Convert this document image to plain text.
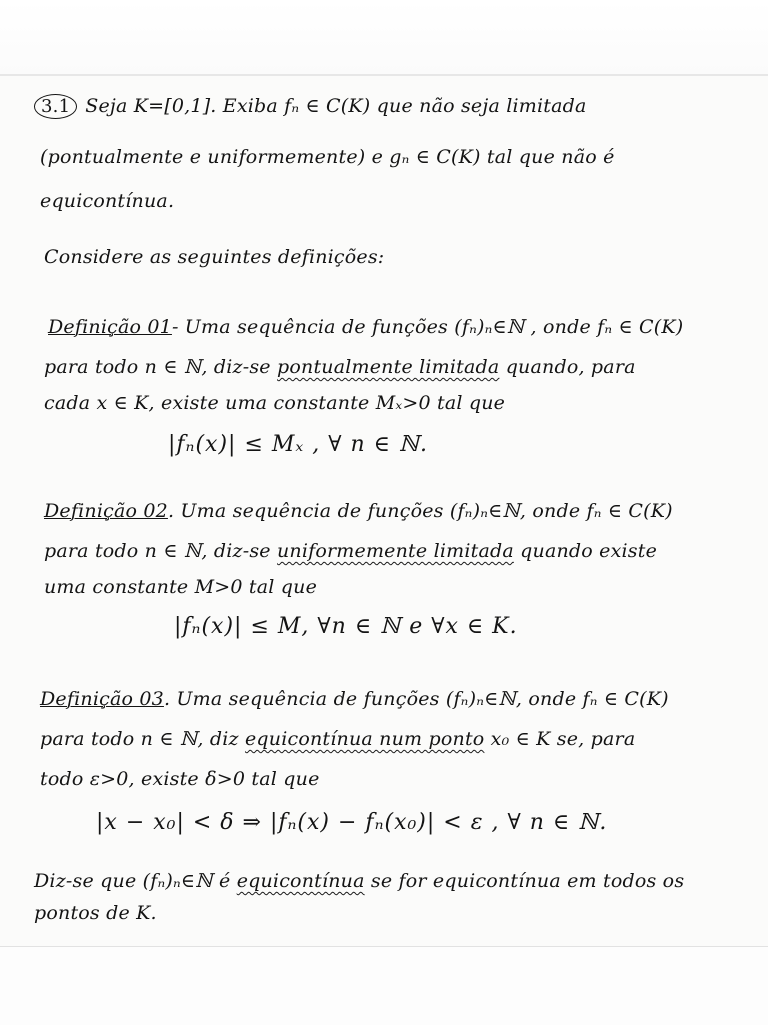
3.1 Seja K=[0,1]. Exiba fₙ ∈ C(K) que não seja limitada
(pontualmente e uniformemente) e gₙ ∈ C(K) tal que não é
equicontínua.
Considere as seguintes definições:
Definição 01- Uma sequência de funções (fₙ)ₙ∈ℕ , onde fₙ ∈ C(K)
para todo n ∈ ℕ, diz-se pontualmente limitada quando, para
cada x ∈ K, existe uma constante Mₓ>0 tal que
|fₙ(x)| ≤ Mₓ , ∀ n ∈ ℕ.
Definição 02. Uma sequência de funções (fₙ)ₙ∈ℕ, onde fₙ ∈ C(K)
para todo n ∈ ℕ, diz-se uniformemente limitada quando existe
uma constante M>0 tal que
|fₙ(x)| ≤ M, ∀n ∈ ℕ e ∀x ∈ K.
Definição 03. Uma sequência de funções (fₙ)ₙ∈ℕ, onde fₙ ∈ C(K)
para todo n ∈ ℕ, diz equicontínua num ponto x₀ ∈ K se, para
todo ε>0, existe δ>0 tal que
|x − x₀| < δ ⇒ |fₙ(x) − fₙ(x₀)| < ε , ∀ n ∈ ℕ.
Diz-se que (fₙ)ₙ∈ℕ é equicontínua se for equicontínua em todos os
pontos de K.
